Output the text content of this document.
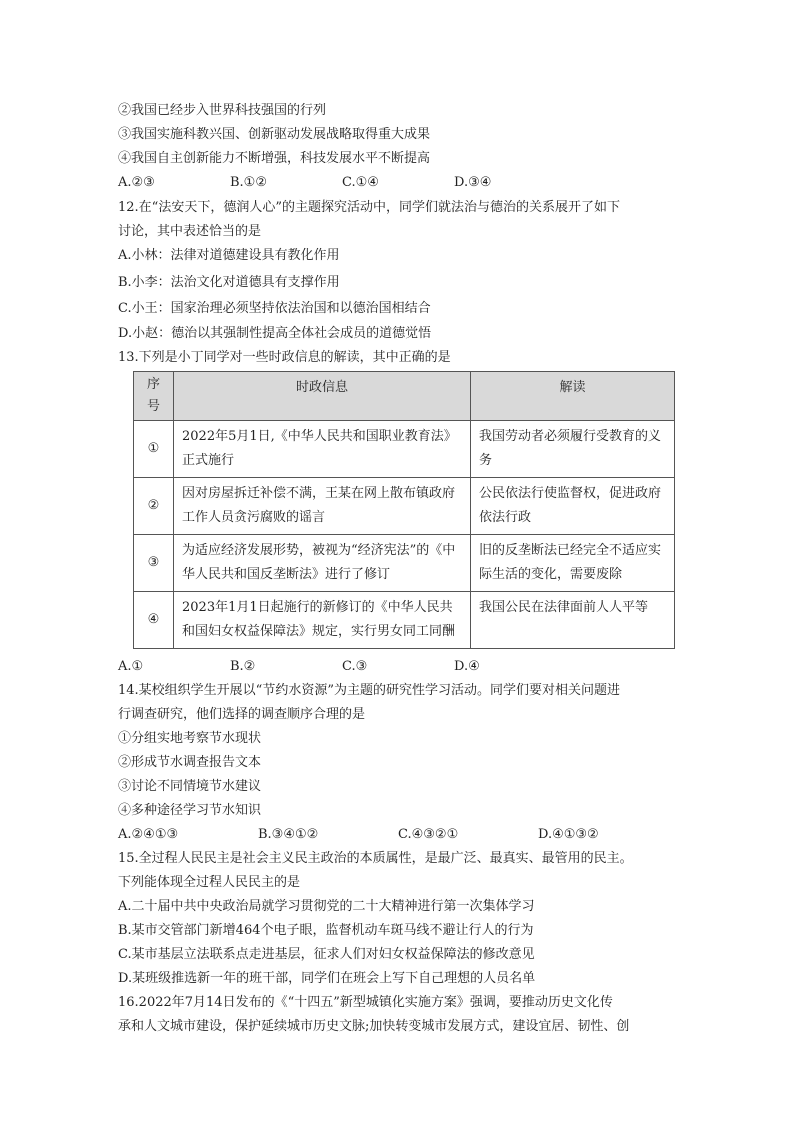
②我国已经步入世界科技强国的行列
③我国实施科教兴国、创新驱动发展战略取得重大成果
④我国自主创新能力不断增强，科技发展水平不断提高
A.②③	B.①②	C.①④	D.③④
12.在“法安天下，德润人心”的主题探究活动中，同学们就法治与德治的关系展开了如下
讨论，其中表述恰当的是
A.小林：法律对道德建设具有教化作用
B.小李：法治文化对道德具有支撑作用
C.小王：国家治理必须坚持依法治国和以德治国相结合
D.小赵：德治以其强制性提高全体社会成员的道德觉悟
13.下列是小丁同学对一些时政信息的解读，其中正确的是
序号	时政信息	解读
①	2022年5月1日,《中华人民共和国职业教育法》正式施行	我国劳动者必须履行受教育的义务
②	因对房屋拆迁补偿不满，王某在网上散布镇政府工作人员贪污腐败的谣言	公民依法行使监督权，促进政府依法行政
③	为适应经济发展形势，被视为“经济宪法”的《中华人民共和国反垄断法》进行了修订	旧的反垄断法已经完全不适应实际生活的变化，需要废除
④	2023年1月1日起施行的新修订的《中华人民共和国妇女权益保障法》规定，实行男女同工同酬	我国公民在法律面前人人平等
A.①	B.②	C.③	D.④
14.某校组织学生开展以“节约水资源”为主题的研究性学习活动。同学们要对相关问题进
行调查研究，他们选择的调查顺序合理的是
①分组实地考察节水现状
②形成节水调查报告文本
③讨论不同情境节水建议
④多种途径学习节水知识
A.②④①③	B.③④①②	C.④③②①	D.④①③②
15.全过程人民民主是社会主义民主政治的本质属性，是最广泛、最真实、最管用的民主。
下列能体现全过程人民民主的是
A.二十届中共中央政治局就学习贯彻党的二十大精神进行第一次集体学习
B.某市交管部门新增464个电子眼，监督机动车斑马线不避让行人的行为
C.某市基层立法联系点走进基层，征求人们对妇女权益保障法的修改意见
D.某班级推选新一年的班干部，同学们在班会上写下自己理想的人员名单
16.2022年7月14日发布的《“十四五”新型城镇化实施方案》强调，要推动历史文化传
承和人文城市建设，保护延续城市历史文脉;加快转变城市发展方式，建设宜居、韧性、创
